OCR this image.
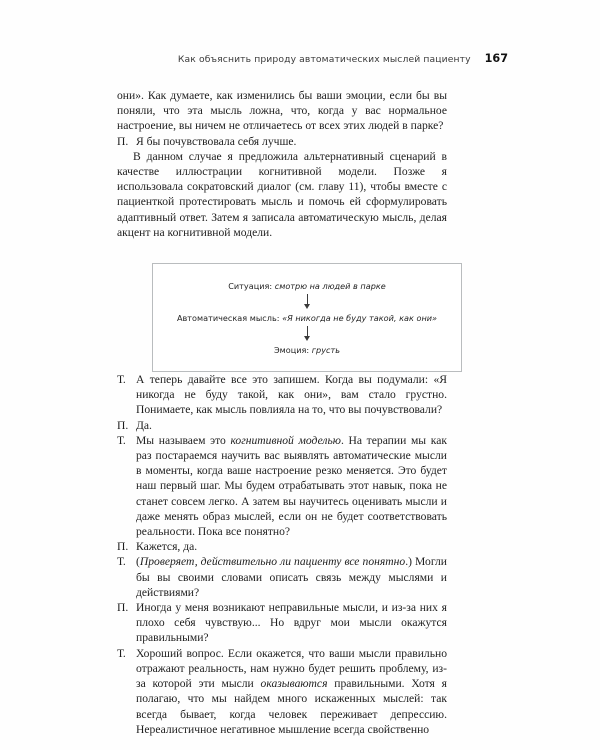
Как объяснить природу автоматических мыслей пациенту 167

они». Как думаете, как изменились бы ваши эмоции, если бы вы поняли, что эта мысль ложна, что, когда у вас нормальное настроение, вы ничем не отличаетесь от всех этих людей в парке?

П. Я бы почувствовала себя лучше.

В данном случае я предложила альтернативный сценарий в качестве иллюстрации когнитивной модели. Позже я использовала сократовский диалог (см. главу 11), чтобы вместе с пациенткой протестировать мысль и помочь ей сформулировать адаптивный ответ. Затем я записала автоматическую мысль, делая акцент на когнитивной модели.

Т. А теперь давайте все это запишем. Когда вы подумали: «Я никогда не буду такой, как они», вам стало грустно. Понимаете, как мысль повлияла на то, что вы почувствовали?
П. Да.
Т. Мы называем это когнитивной моделью. На терапии мы как раз постараемся научить вас выявлять автоматические мысли в моменты, когда ваше настроение резко меняется. Это будет наш первый шаг. Мы будем отрабатывать этот навык, пока не станет совсем легко. А затем вы научитесь оценивать мысли и даже менять образ мыслей, если он не будет соответствовать реальности. Пока все понятно?
П. Кажется, да.
Т. (Проверяет, действительно ли пациенту все понятно.) Могли бы вы своими словами описать связь между мыслями и действиями?
П. Иногда у меня возникают неправильные мысли, и из-за них я плохо себя чувствую... Но вдруг мои мысли окажутся правильными?
Т. Хороший вопрос. Если окажется, что ваши мысли правильно отражают реальность, нам нужно будет решить проблему, из-за которой эти мысли оказываются правильными. Хотя я полагаю, что мы найдем много искаженных мыслей: так всегда бывает, когда человек переживает депрессию. Нереалистичное негативное мышление всегда свойственно
Ситуация: смотрю на людей в парке
Автоматическая мысль: «Я никогда не буду такой, как они»
Эмоция: грусть
